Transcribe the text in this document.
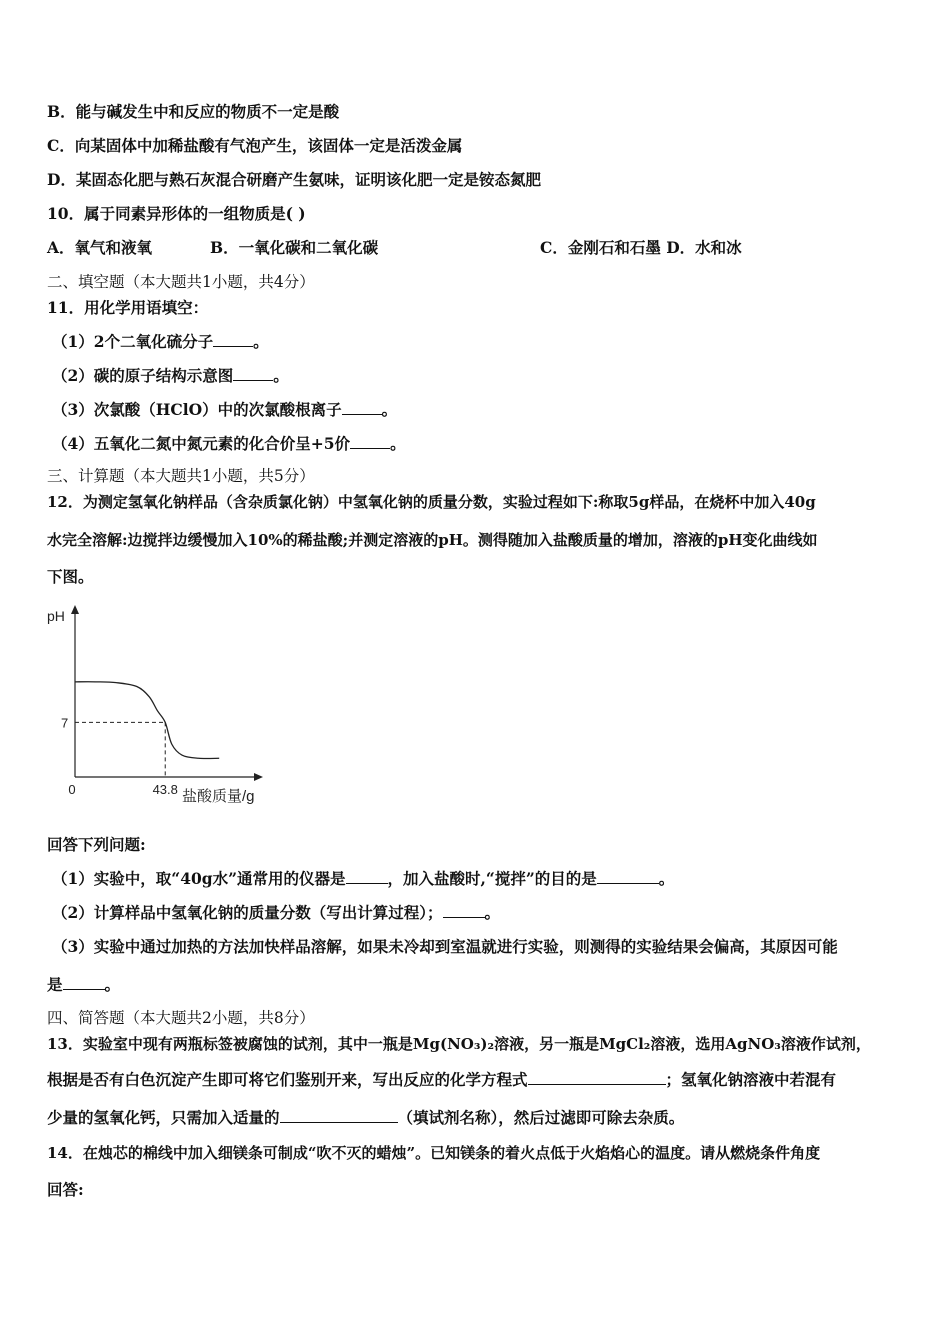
B．能与碱发生中和反应的物质不一定是酸
C．向某固体中加稀盐酸有气泡产生，该固体一定是活泼金属
D．某固态化肥与熟石灰混合研磨产生氨味，证明该化肥一定是铵态氮肥
10．属于同素异形体的一组物质是( )
A．氧气和液氧	B．一氧化碳和二氧化碳	C．金刚石和石墨 D．水和冰
二、填空题（本大题共1小题，共4分）
11．用化学用语填空：
（1）2个二氧化硫分子	。
（2）碳的原子结构示意图	。
（3）次氯酸（HClO）中的次氯酸根离子	。
（4）五氧化二氮中氮元素的化合价呈+5价	。
三、计算题（本大题共1小题，共5分）
12．为测定氢氧化钠样品（含杂质氯化钠）中氢氧化钠的质量分数，实验过程如下:称取5g样品，在烧杯中加入40g
水完全溶解:边搅拌边缓慢加入10%的稀盐酸;并测定溶液的pH。测得随加入盐酸质量的增加，溶液的pH变化曲线如
下图。
pH
7
0	43.8 盐酸质量/g
回答下列问题:
（1）实验中，取“40g水”通常用的仪器是	，加入盐酸时,“搅拌”的目的是	。
（2）计算样品中氢氧化钠的质量分数（写出计算过程）；	。
（3）实验中通过加热的方法加快样品溶解，如果未冷却到室温就进行实验，则测得的实验结果会偏高，其原因可能
是	。
四、简答题（本大题共2小题，共8分）
13．实验室中现有两瓶标签被腐蚀的试剂，其中一瓶是Mg(NO₃)₂溶液，另一瓶是MgCl₂溶液，选用AgNO₃溶液作试剂，
根据是否有白色沉淀产生即可将它们鉴别开来，写出反应的化学方程式	；氢氧化钠溶液中若混有
少量的氢氧化钙，只需加入适量的	（填试剂名称），然后过滤即可除去杂质。
14．在烛芯的棉线中加入细镁条可制成“吹不灭的蜡烛”。已知镁条的着火点低于火焰焰心的温度。请从燃烧条件角度
回答:
